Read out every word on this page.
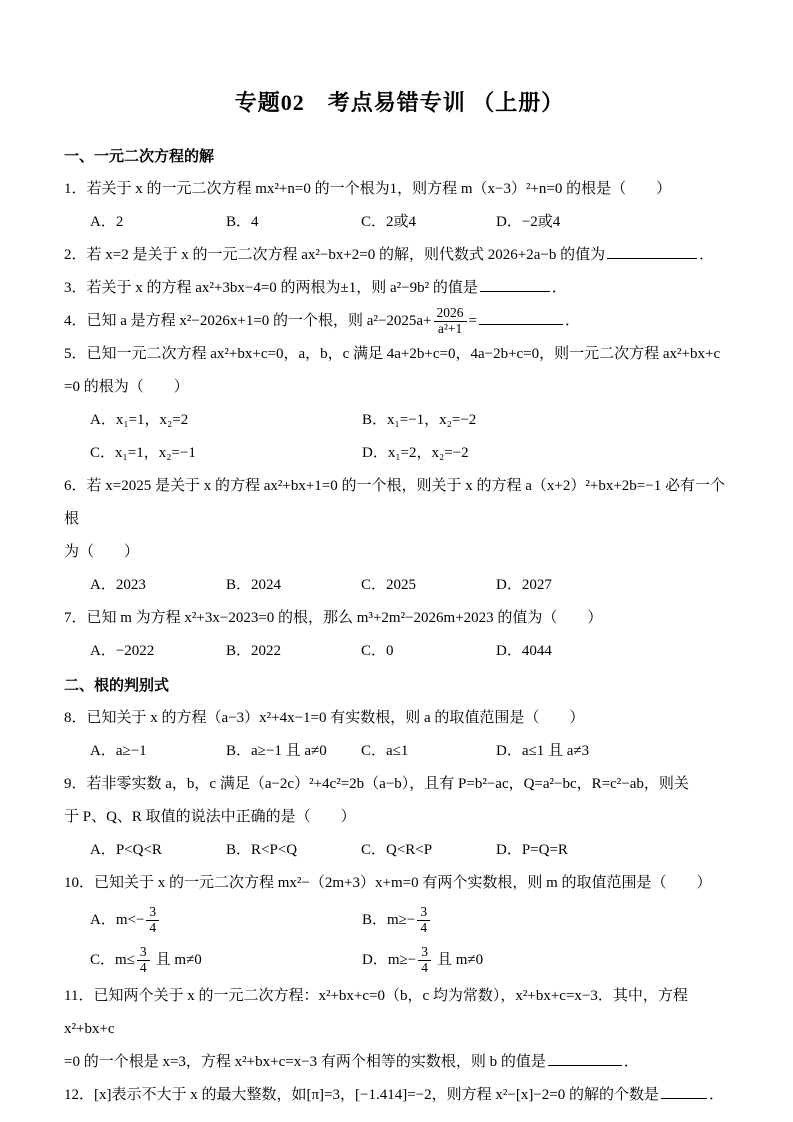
专题02　考点易错专训 （上册）
一、一元二次方程的解
1．若关于 x 的一元二次方程 mx²+n=0 的一个根为1，则方程 m（x−3）²+n=0 的根是（　　）
A．2	B．4	C．2或4	D．−2或4
2．若 x=2 是关于 x 的一元二次方程 ax²−bx+2=0 的解，则代数式 2026+2a−b 的值为	．
3．若关于 x 的方程 ax²+3bx−4=0 的两根为±1，则 a²−9b² 的值是	．
4．已知 a 是方程 x²−2026x+1=0 的一个根，则 $a^2-2025a+ \frac{2026}{\text{a²+1}}$ =	．
5．已知一元二次方程 ax²+bx+c=0，a，b，c 满足 4a+2b+c=0，4a−2b+c=0，则一元二次方程 ax²+bx+c
=0 的根为（　　）
A．x₁=1，x₂=2	B．x₁=−1，x₂=−2
C．x₁=1，x₂=−1	D．x₁=2，x₂=−2
6．若 x=2025 是关于 x 的方程 ax²+bx+1=0 的一个根，则关于 x 的方程 a（x+2）²+bx+2b=−1 必有一个根
为（　　）
A．2023	B．2024	C．2025	D．2027
7．已知 m 为方程 x²+3x−2023=0 的根，那么 m³+2m²−2026m+2023 的值为（　　）
A．−2022	B．2022	C．0	D．4044
二、根的判别式
8．已知关于 x 的方程（a−3）x²+4x−1=0 有实数根，则 a 的取值范围是（　　）
A．a≥−1	B．a≥−1 且 a≠0	C．a≤1	D．a≤1 且 a≠3
9．若非零实数 a，b，c 满足（a−2c）²+4c²=2b（a−b），且有 P=b²−ac，Q=a²−bc，R=c²−ab，则关
于 P、Q、R 取值的说法中正确的是（　　）
A．P<Q<R	B．R<P<Q	C．Q<R<P	D．P=Q=R
10．已知关于 x 的一元二次方程 mx²−（2m+3）x+m=0 有两个实数根，则 m 的取值范围是（　　）
A．$m<- \frac{3}{4}$	B．$m\ge- \frac{3}{4}$
C．$m\le \frac{3}{4}$ 且 m≠0	D．$m\ge- \frac{3}{4}$ 且 m≠0
11．已知两个关于 x 的一元二次方程：x²+bx+c=0（b，c 均为常数），x²+bx+c=x−3．其中，方程 x²+bx+c
=0 的一个根是 x=3，方程 x²+bx+c=x−3 有两个相等的实数根，则 b 的值是	．
12．[x]表示不大于 x 的最大整数，如[π]=3，[−1.414]=−2，则方程 x²−[x]−2=0 的解的个数是	．
